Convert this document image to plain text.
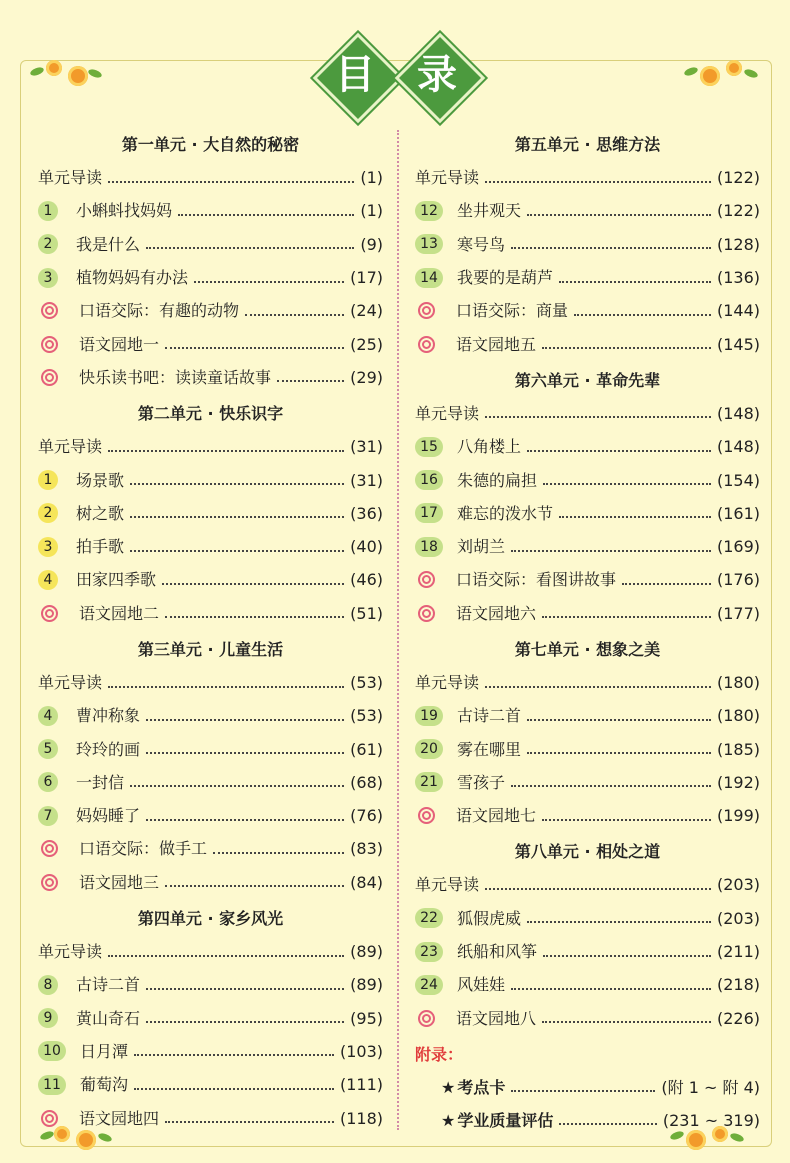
目	录
第一单元 · 大自然的秘密
单元导读	(1)
1	小蝌蚪找妈妈	(1)
2	我是什么	(9)
3	植物妈妈有办法	(17)
口语交际：有趣的动物	(24)
语文园地一	(25)
快乐读书吧：读读童话故事	(29)
第二单元 · 快乐识字
单元导读	(31)
1	场景歌	(31)
2	树之歌	(36)
3	拍手歌	(40)
4	田家四季歌	(46)
语文园地二	(51)
第三单元 · 儿童生活
单元导读	(53)
4	曹冲称象	(53)
5	玲玲的画	(61)
6	一封信	(68)
7	妈妈睡了	(76)
口语交际：做手工	(83)
语文园地三	(84)
第四单元 · 家乡风光
单元导读	(89)
8	古诗二首	(89)
9	黄山奇石	(95)
10	日月潭	(103)
11	葡萄沟	(111)
语文园地四	(118)
第五单元 · 思维方法
单元导读	(122)
12	坐井观天	(122)
13	寒号鸟	(128)
14	我要的是葫芦	(136)
口语交际：商量	(144)
语文园地五	(145)
第六单元 · 革命先辈
单元导读	(148)
15	八角楼上	(148)
16	朱德的扁担	(154)
17	难忘的泼水节	(161)
18	刘胡兰	(169)
口语交际：看图讲故事	(176)
语文园地六	(177)
第七单元 · 想象之美
单元导读	(180)
19	古诗二首	(180)
20	雾在哪里	(185)
21	雪孩子	(192)
语文园地七	(199)
第八单元 · 相处之道
单元导读	(203)
22	狐假虎威	(203)
23	纸船和风筝	(211)
24	风娃娃	(218)
语文园地八	(226)
附录：
★ 考点卡	(附 1 ~ 附 4)
★ 学业质量评估	(231 ~ 319)
